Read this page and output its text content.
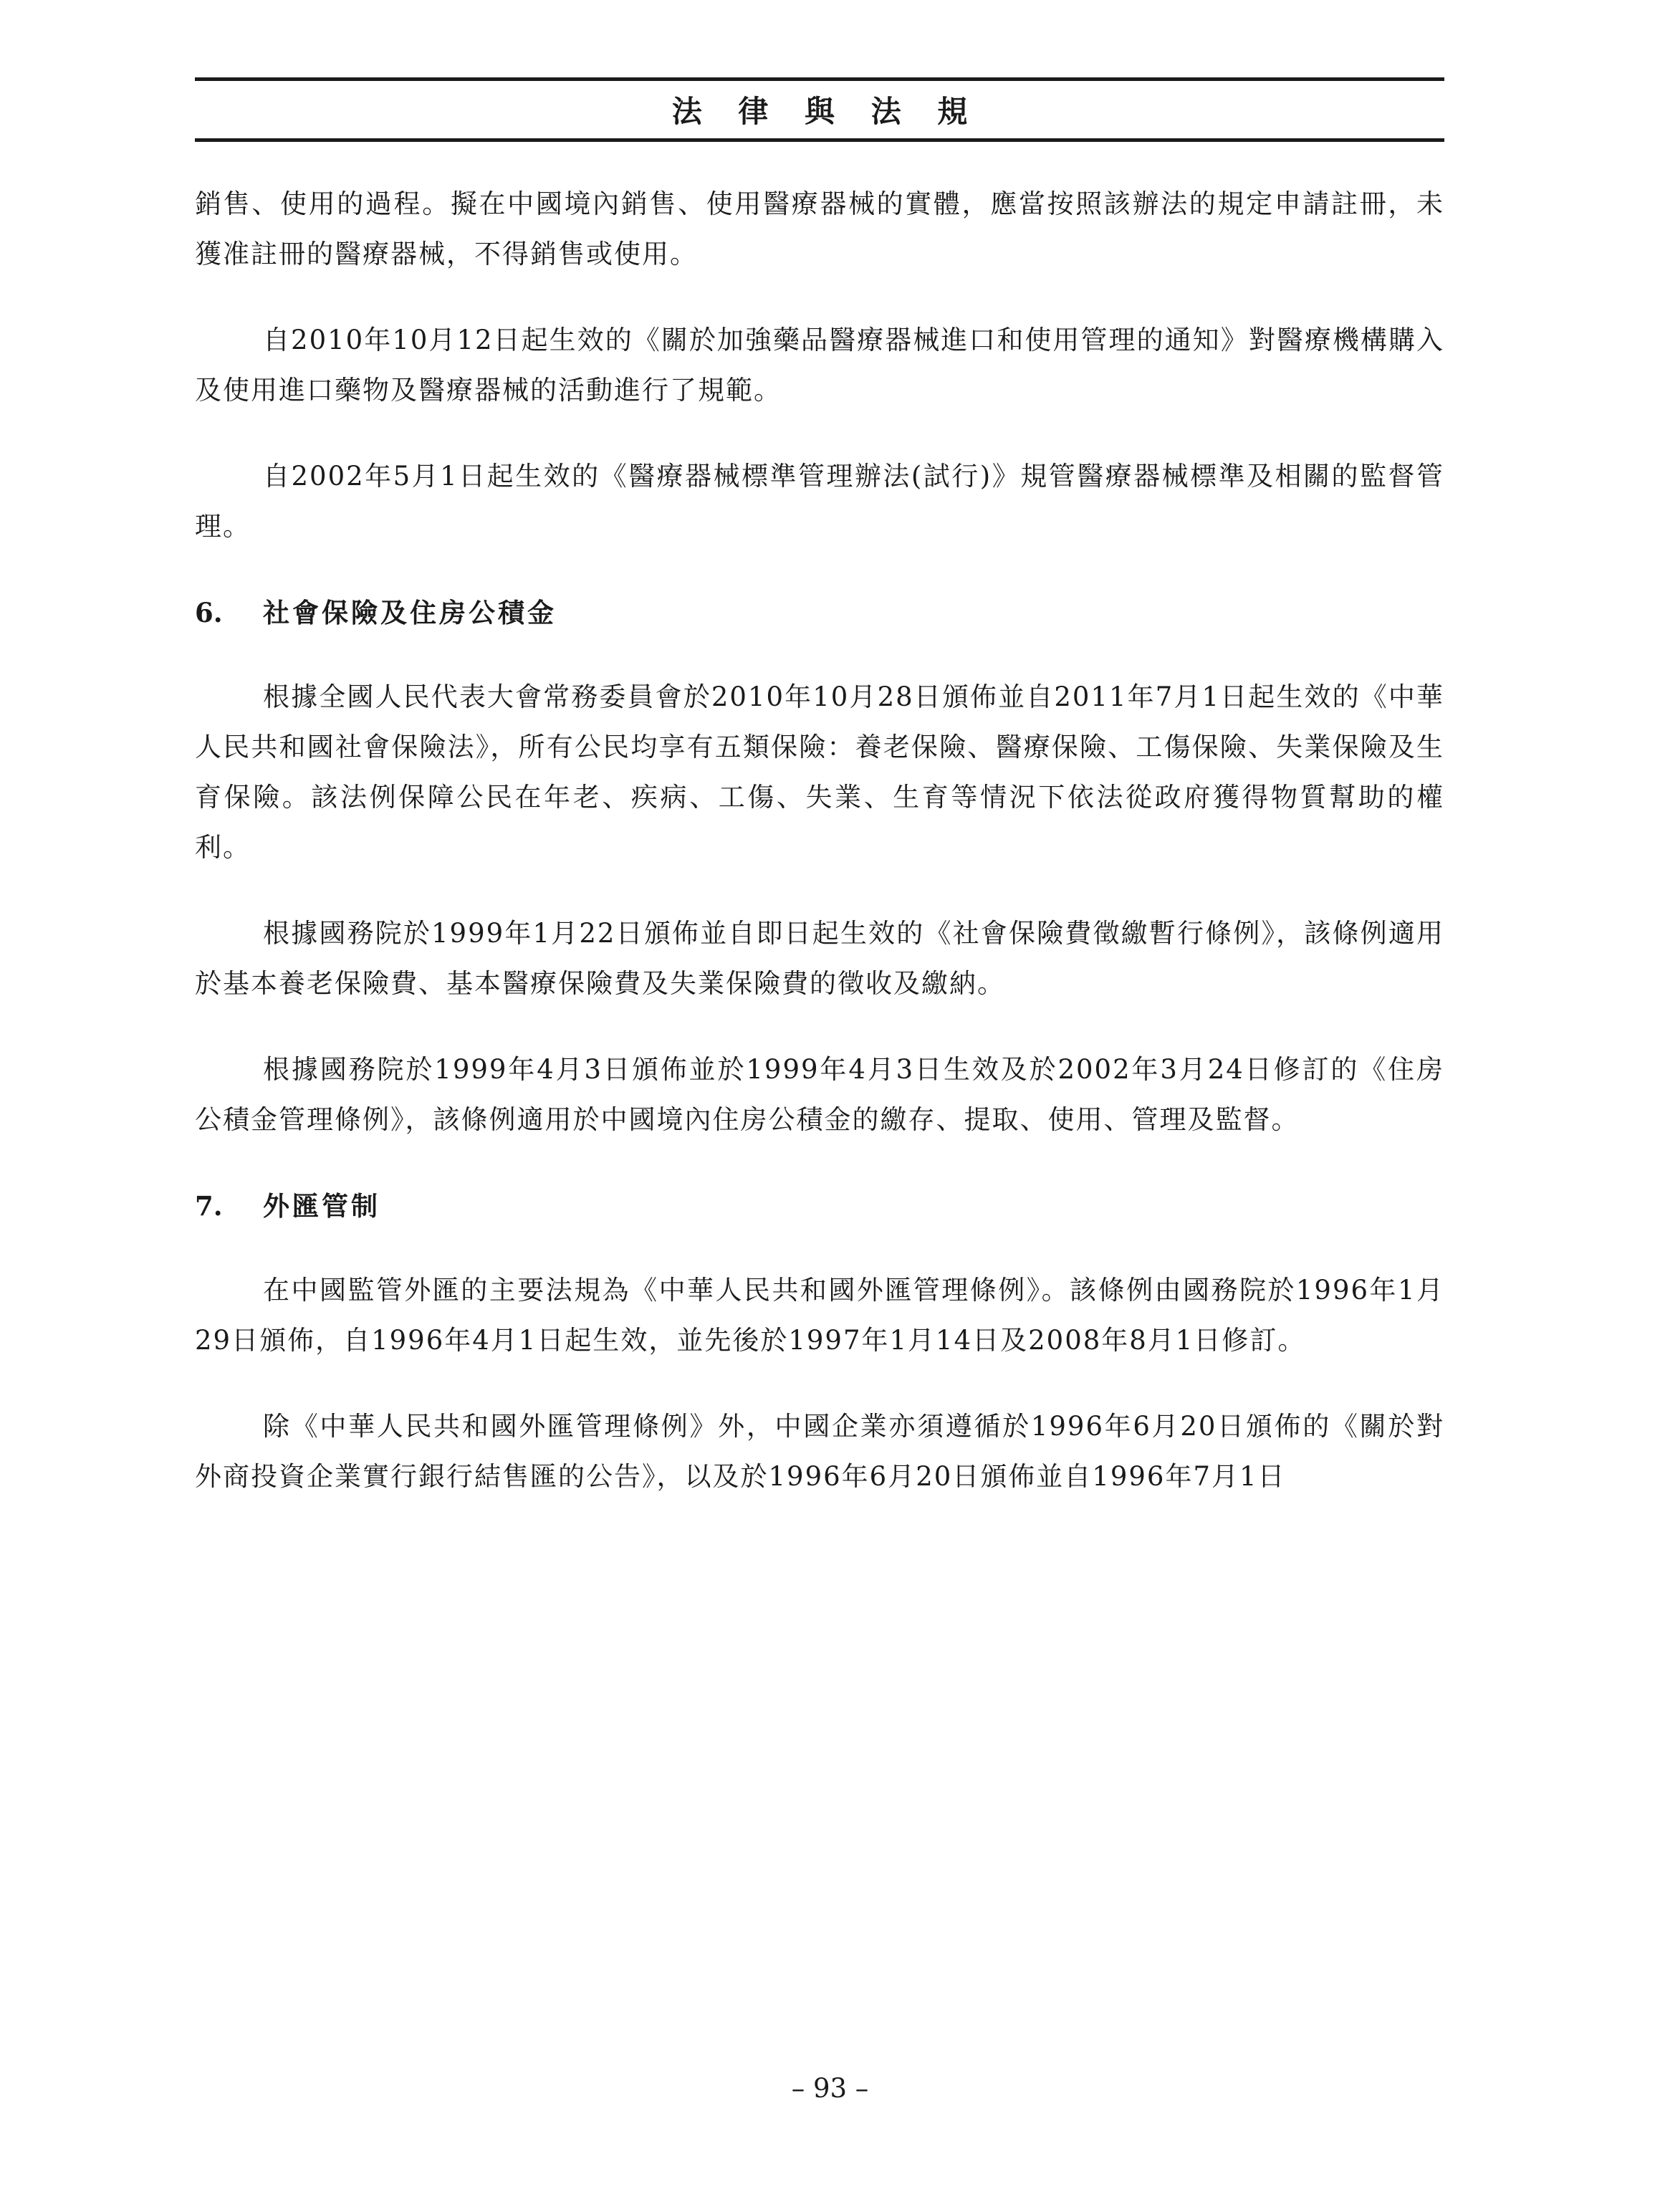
法 律 與 法 規

銷售、使用的過程。擬在中國境內銷售、使用醫療器械的實體，應當按照該辦法的規定申請註冊，未獲准註冊的醫療器械，不得銷售或使用。

自2010年10月12日起生效的《關於加強藥品醫療器械進口和使用管理的通知》對醫療機構購入及使用進口藥物及醫療器械的活動進行了規範。

自2002年5月1日起生效的《醫療器械標準管理辦法(試行)》規管醫療器械標準及相關的監督管理。

6.	社會保險及住房公積金

根據全國人民代表大會常務委員會於2010年10月28日頒佈並自2011年7月1日起生效的《中華人民共和國社會保險法》，所有公民均享有五類保險：養老保險、醫療保險、工傷保險、失業保險及生育保險。該法例保障公民在年老、疾病、工傷、失業、生育等情況下依法從政府獲得物質幫助的權利。

根據國務院於1999年1月22日頒佈並自即日起生效的《社會保險費徵繳暫行條例》，該條例適用於基本養老保險費、基本醫療保險費及失業保險費的徵收及繳納。

根據國務院於1999年4月3日頒佈並於1999年4月3日生效及於2002年3月24日修訂的《住房公積金管理條例》，該條例適用於中國境內住房公積金的繳存、提取、使用、管理及監督。

7.	外匯管制

在中國監管外匯的主要法規為《中華人民共和國外匯管理條例》。該條例由國務院於1996年1月29日頒佈，自1996年4月1日起生效，並先後於1997年1月14日及2008年8月1日修訂。

除《中華人民共和國外匯管理條例》外，中國企業亦須遵循於1996年6月20日頒佈的《關於對外商投資企業實行銀行結售匯的公告》，以及於1996年6月20日頒佈並自1996年7月1日

– 93 –
